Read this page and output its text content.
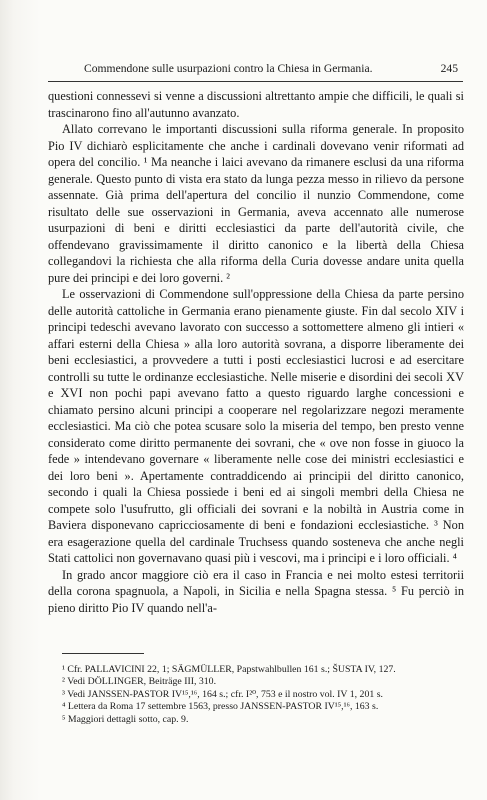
Commendone sulle usurpazioni contro la Chiesa in Germania.	245

questioni connessevi si venne a discussioni altrettanto ampie che difficili, le quali si trascinarono fino all'autunno avanzato.

Allato correvano le importanti discussioni sulla riforma generale. In proposito Pio IV dichiarò esplicitamente che anche i cardinali dovevano venir riformati ad opera del concilio. ¹ Ma neanche i laici avevano da rimanere esclusi da una riforma generale. Questo punto di vista era stato da lunga pezza messo in rilievo da persone assennate. Già prima dell'apertura del concilio il nunzio Commendone, come risultato delle sue osservazioni in Germania, aveva accennato alle numerose usurpazioni di beni e diritti ecclesiastici da parte dell'autorità civile, che offendevano gravissimamente il diritto canonico e la libertà della Chiesa collegandovi la richiesta che alla riforma della Curia dovesse andare unita quella pure dei principi e dei loro governi. ²

Le osservazioni di Commendone sull'oppressione della Chiesa da parte persino delle autorità cattoliche in Germania erano pienamente giuste. Fin dal secolo XIV i principi tedeschi avevano lavorato con successo a sottomettere almeno gli intieri « affari esterni della Chiesa » alla loro autorità sovrana, a disporre liberamente dei beni ecclesiastici, a provvedere a tutti i posti ecclesiastici lucrosi e ad esercitare controlli su tutte le ordinanze ecclesiastiche. Nelle miserie e disordini dei secoli XV e XVI non pochi papi avevano fatto a questo riguardo larghe concessioni e chiamato persino alcuni principi a cooperare nel regolarizzare negozi meramente ecclesiastici. Ma ciò che potea scusare solo la miseria del tempo, ben presto venne considerato come diritto permanente dei sovrani, che « ove non fosse in giuoco la fede » intendevano governare « liberamente nelle cose dei ministri ecclesiastici e dei loro beni ». Apertamente contraddicendo ai principii del diritto canonico, secondo i quali la Chiesa possiede i beni ed ai singoli membri della Chiesa ne compete solo l'usufrutto, gli officiali dei sovrani e la nobiltà in Austria come in Baviera disponevano capricciosamente di beni e fondazioni ecclesiastiche. ³ Non era esagerazione quella del cardinale Truchsess quando sosteneva che anche negli Stati cattolici non governavano quasi più i vescovi, ma i principi e i loro officiali. ⁴

In grado ancor maggiore ciò era il caso in Francia e nei molto estesi territorii della corona spagnuola, a Napoli, in Sicilia e nella Spagna stessa. ⁵ Fu perciò in pieno diritto Pio IV quando nell'a-

¹ Cfr. PALLAVICINI 22, 1; SÄGMÜLLER, Papstwahlbullen 161 s.; ŠUSTA IV, 127.

² Vedi DÖLLINGER, Beiträge III, 310.

³ Vedi JANSSEN-PASTOR IV¹⁵,¹⁶, 164 s.; cfr. I²⁰, 753 e il nostro vol. IV 1, 201 s.

⁴ Lettera da Roma 17 settembre 1563, presso JANSSEN-PASTOR IV¹⁵,¹⁶, 163 s.

⁵ Maggiori dettagli sotto, cap. 9.
